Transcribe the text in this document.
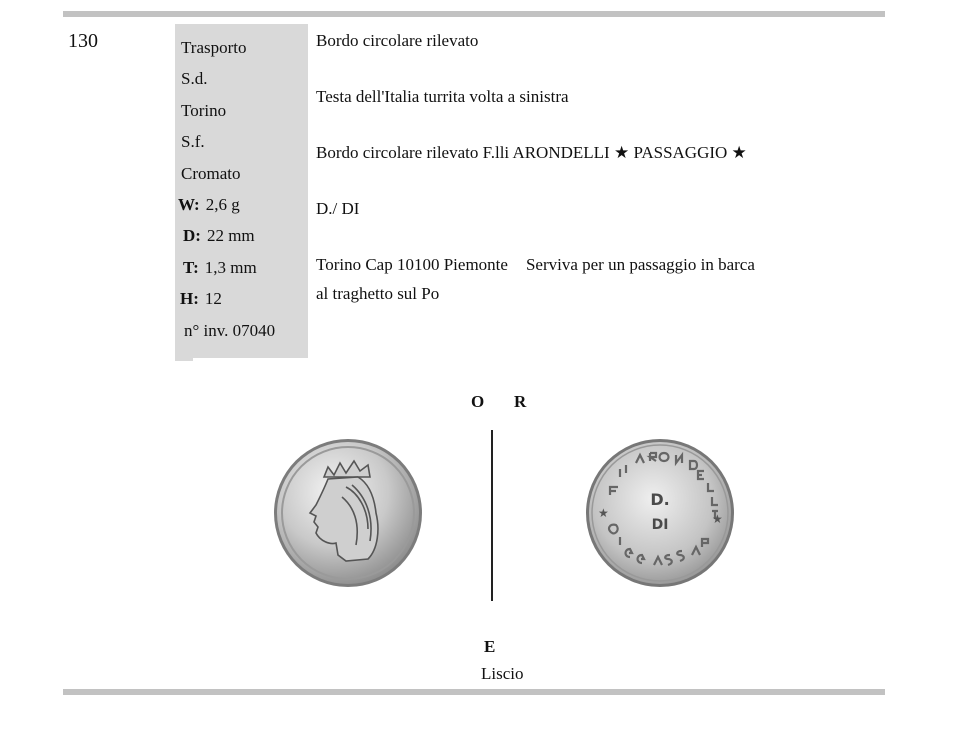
130	Trasporto
S.d.
Torino
S.f.
Cromato
W: 2,6 g
D: 22 mm
T: 1,3 mm
H: 12
n° inv. 07040
Bordo circolare rilevato
Testa dell'Italia turrita volta a sinistra
Bordo circolare rilevato F.lli ARONDELLI ★ PASSAGGIO ★
D./ DI
Torino Cap 10100 Piemonte Serviva per un passaggio in barca
al traghetto sul Po
O R
D.
DI
★	★
E
Liscio
